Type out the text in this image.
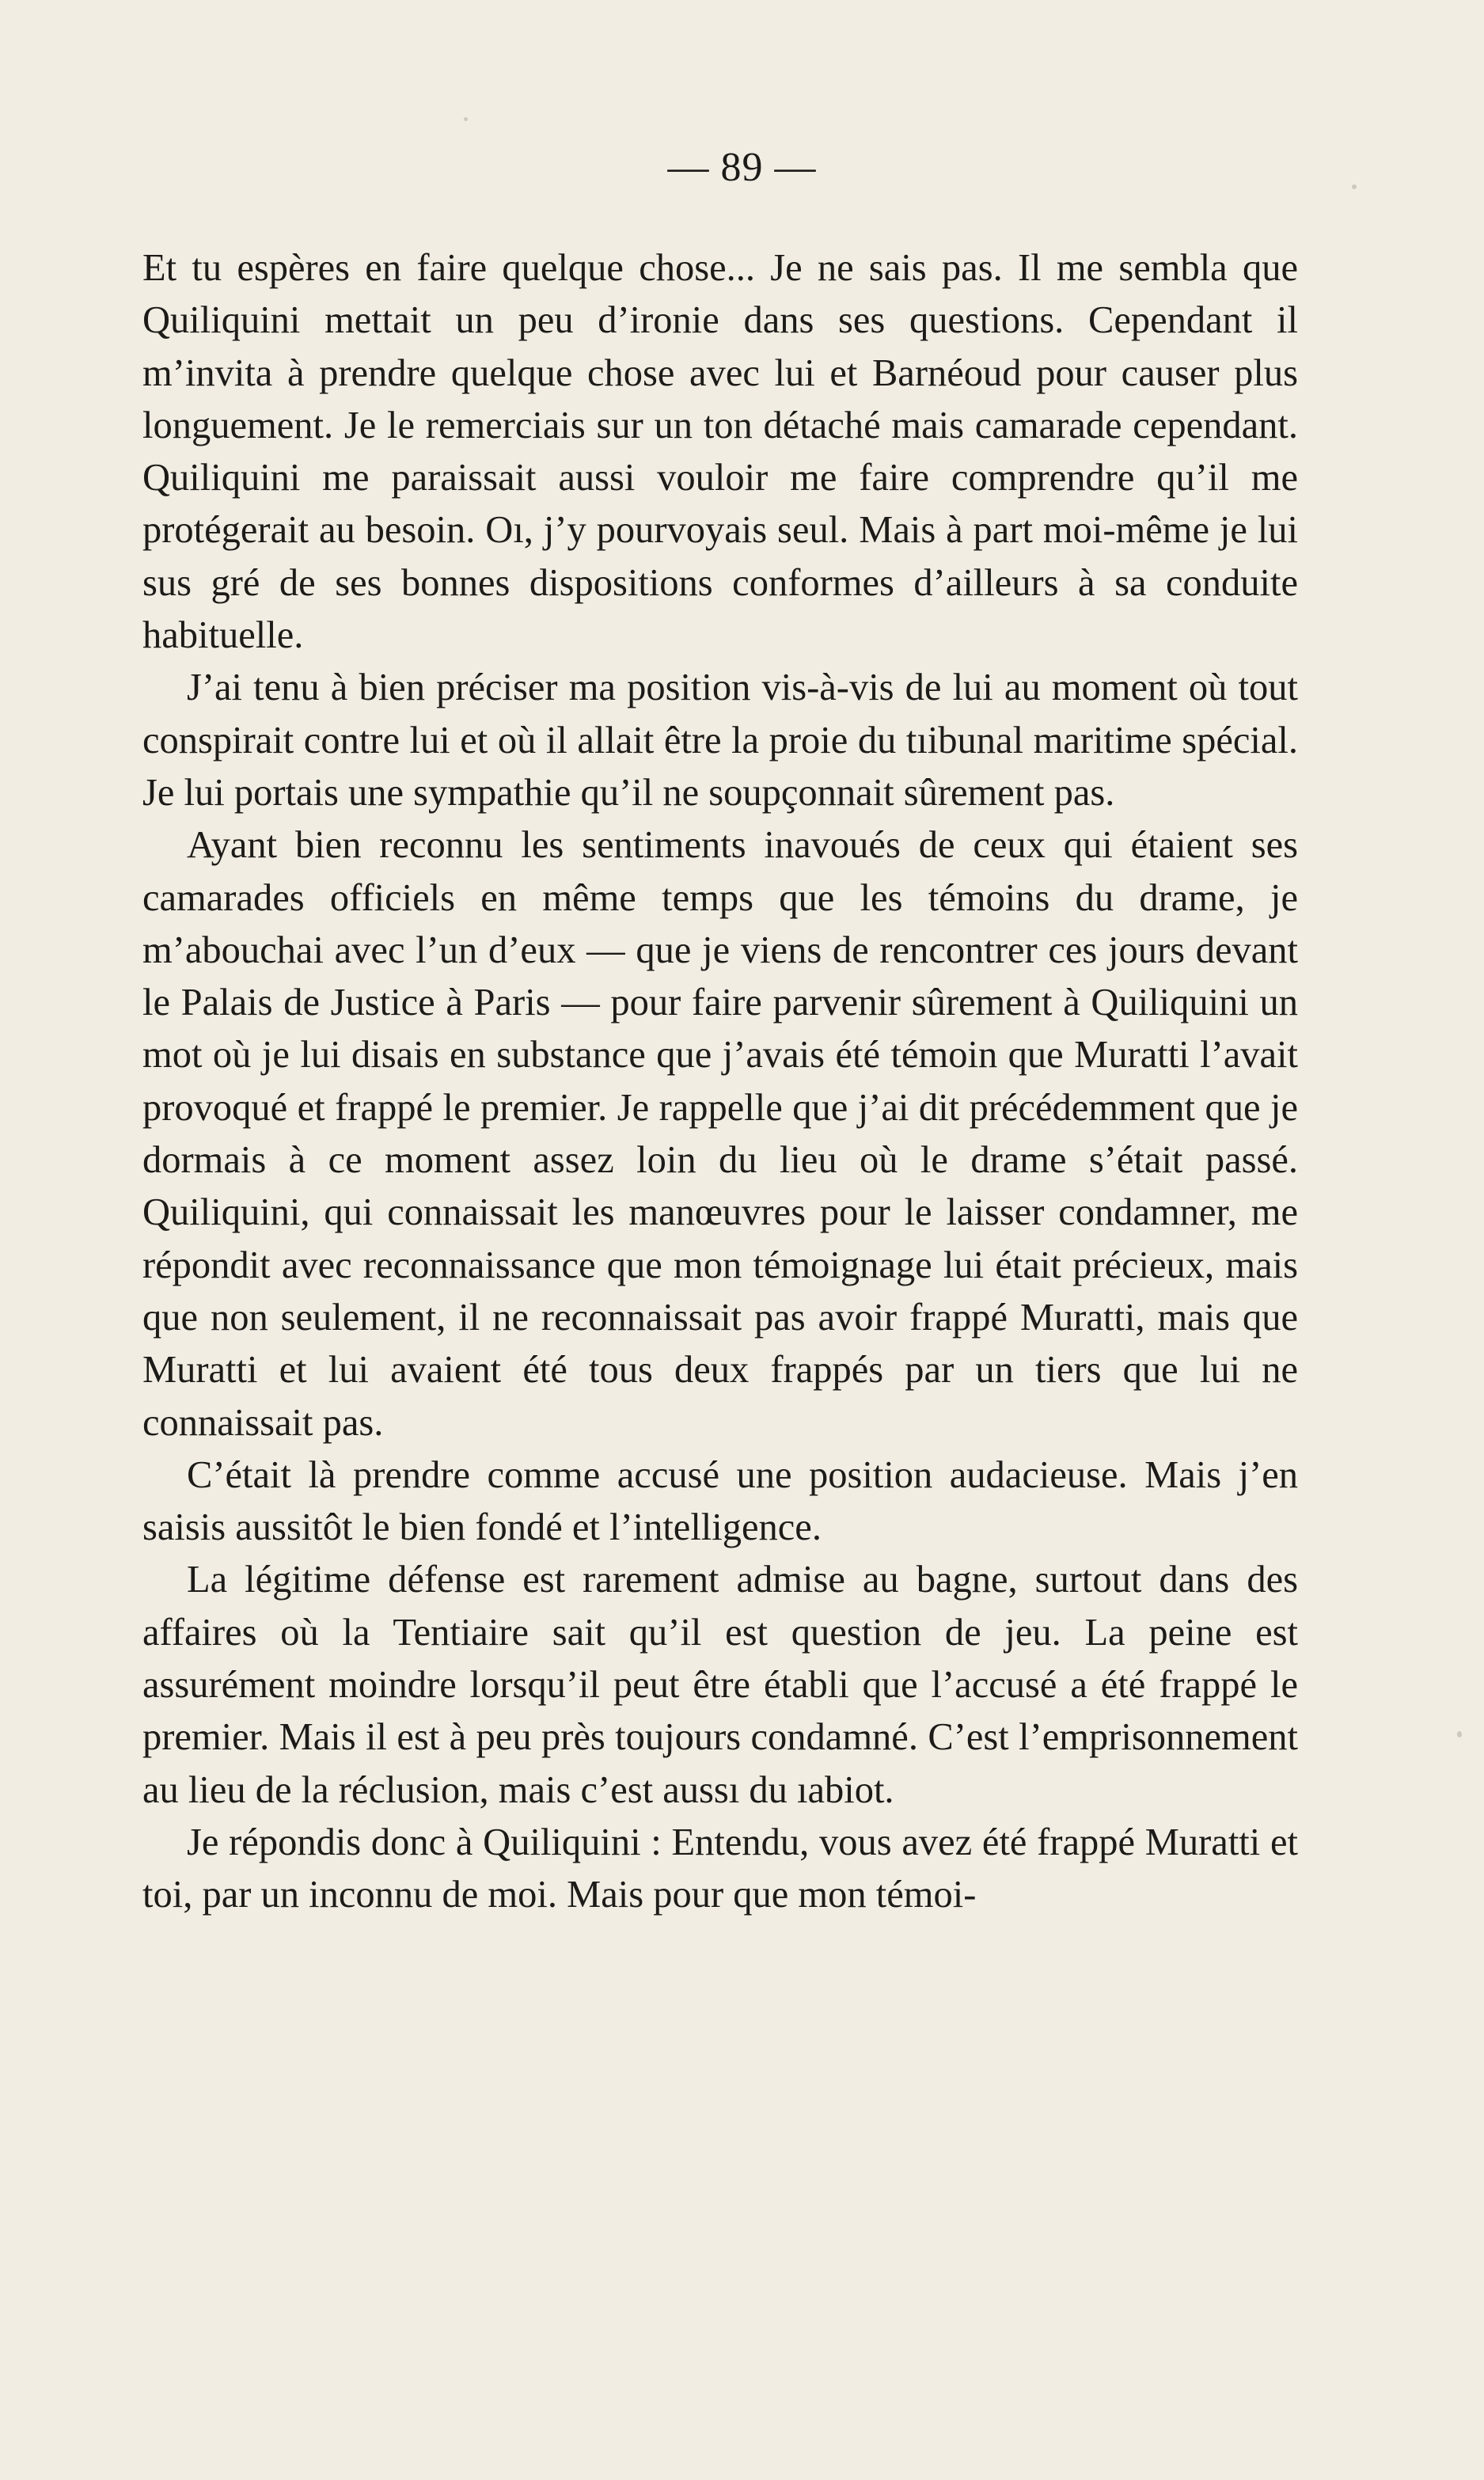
— 89 —

Et tu espères en faire quelque chose... Je ne sais pas. Il me sembla que Quiliquini mettait un peu d’ironie dans ses questions. Cependant il m’invita à prendre quelque chose avec lui et Barnéoud pour causer plus longuement. Je le remerciais sur un ton détaché mais camarade cependant. Quiliquini me paraissait aussi vouloir me faire comprendre qu’il me protégerait au besoin. Oı, j’y pourvoyais seul. Mais à part moi-même je lui sus gré de ses bonnes dispositions conformes d’ailleurs à sa conduite habituelle.

J’ai tenu à bien préciser ma position vis-à-vis de lui au moment où tout conspirait contre lui et où il allait être la proie du tıibunal maritime spécial. Je lui portais une sympathie qu’il ne soupçonnait sûrement pas.

Ayant bien reconnu les sentiments inavoués de ceux qui étaient ses camarades officiels en même temps que les témoins du drame, je m’abouchai avec l’un d’eux — que je viens de rencontrer ces jours devant le Palais de Justice à Paris — pour faire parvenir sûrement à Quiliquini un mot où je lui disais en substance que j’avais été témoin que Muratti l’avait provoqué et frappé le premier. Je rappelle que j’ai dit précédemment que je dormais à ce moment assez loin du lieu où le drame s’était passé. Quiliquini, qui connaissait les manœuvres pour le laisser condamner, me répondit avec reconnaissance que mon témoignage lui était précieux, mais que non seulement, il ne reconnaissait pas avoir frappé Muratti, mais que Muratti et lui avaient été tous deux frappés par un tiers que lui ne connaissait pas.

C’était là prendre comme accusé une position audacieuse. Mais j’en saisis aussitôt le bien fondé et l’intelligence.

La légitime défense est rarement admise au bagne, surtout dans des affaires où la Tentiaire sait qu’il est question de jeu. La peine est assurément moindre lorsqu’il peut être établi que l’accusé a été frappé le premier. Mais il est à peu près toujours condamné. C’est l’emprisonnement au lieu de la réclusion, mais c’est aussı du ıabiot.

Je répondis donc à Quiliquini : Entendu, vous avez été frappé Muratti et toi, par un inconnu de moi. Mais pour que mon témoi-
